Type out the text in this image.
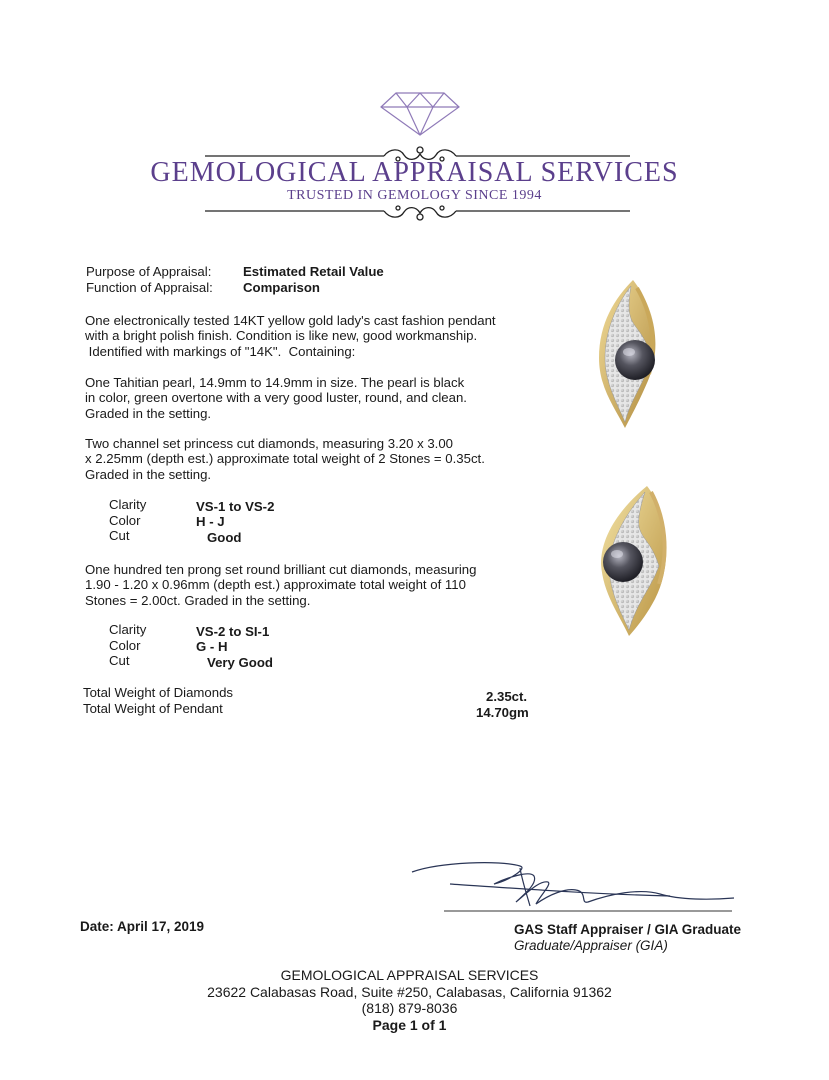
GEMOLOGICAL APPRAISAL SERVICES
TRUSTED IN GEMOLOGY SINCE 1994
Purpose of Appraisal: Estimated Retail Value
Function of Appraisal: Comparison
One electronically tested 14KT yellow gold lady's cast fashion pendant
with a bright polish finish. Condition is like new, good workmanship.
Identified with markings of "14K".  Containing:
One Tahitian pearl, 14.9mm to 14.9mm in size. The pearl is black
in color, green overtone with a very good luster, round, and clean.
Graded in the setting.
Two channel set princess cut diamonds, measuring 3.20 x 3.00
x 2.25mm (depth est.) approximate total weight of 2 Stones = 0.35ct.
Graded in the setting.
Clarity	VS-1 to VS-2
Color	H - J
Cut	Good
One hundred ten prong set round brilliant cut diamonds, measuring
1.90 - 1.20 x 0.96mm (depth est.) approximate total weight of 110
Stones = 2.00ct. Graded in the setting.
Clarity	VS-2 to SI-1
Color	G - H
Cut	Very Good
Total Weight of Diamonds	2.35ct.
Total Weight of Pendant	14.70gm
Date: April 17, 2019	GAS Staff Appraiser / GIA Graduate
Graduate/Appraiser (GIA)
GEMOLOGICAL APPRAISAL SERVICES
23622 Calabasas Road, Suite #250, Calabasas, California 91362
(818) 879-8036
Page 1 of 1
